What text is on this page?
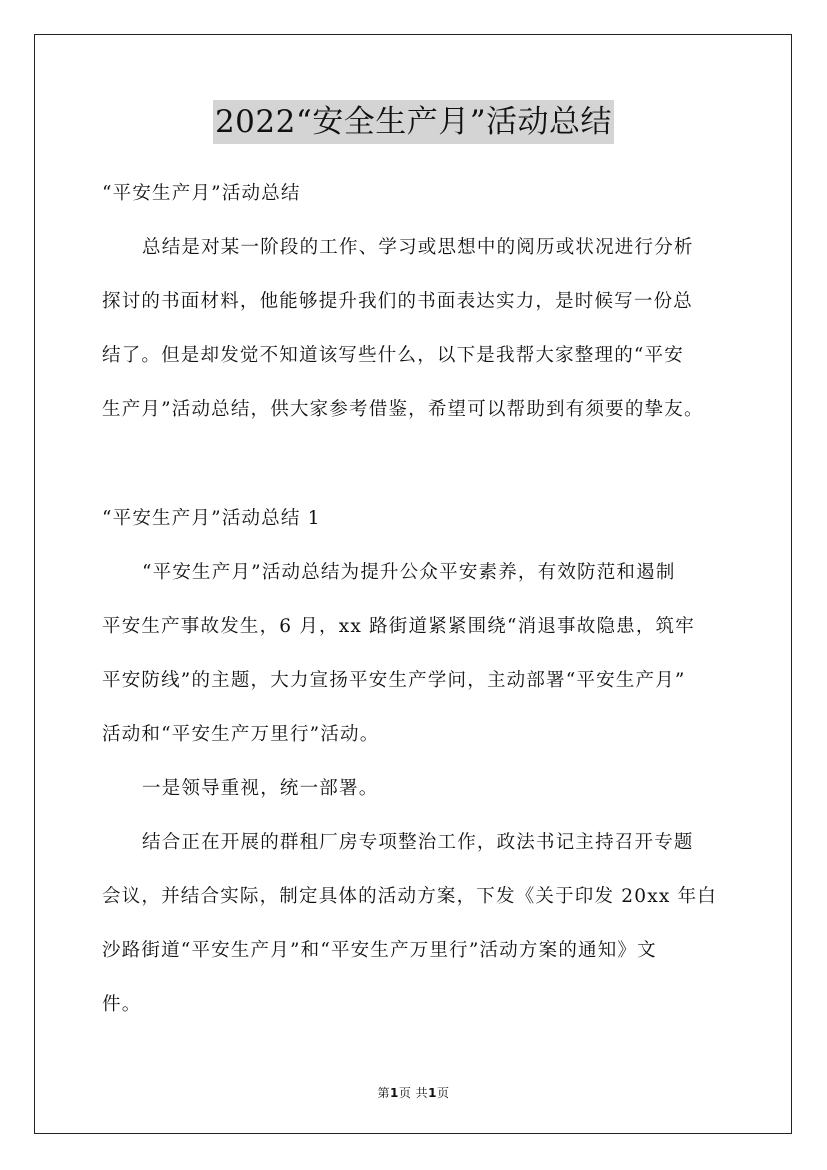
2022“安全生产月”活动总结
“平安生产月”活动总结
总结是对某一阶段的工作、学习或思想中的阅历或状况进行分析
探讨的书面材料，他能够提升我们的书面表达实力，是时候写一份总
结了。但是却发觉不知道该写些什么，以下是我帮大家整理的“平安
生产月”活动总结，供大家参考借鉴，希望可以帮助到有须要的挚友。
“平安生产月”活动总结 1
“平安生产月”活动总结为提升公众平安素养，有效防范和遏制
平安生产事故发生，6 月，xx 路街道紧紧围绕“消退事故隐患，筑牢
平安防线”的主题，大力宣扬平安生产学问，主动部署“平安生产月”
活动和“平安生产万里行”活动。
一是领导重视，统一部署。
结合正在开展的群租厂房专项整治工作，政法书记主持召开专题
会议，并结合实际，制定具体的活动方案，下发《关于印发 20xx 年白
沙路街道“平安生产月”和“平安生产万里行”活动方案的通知》文
件。
第1页 共1页
